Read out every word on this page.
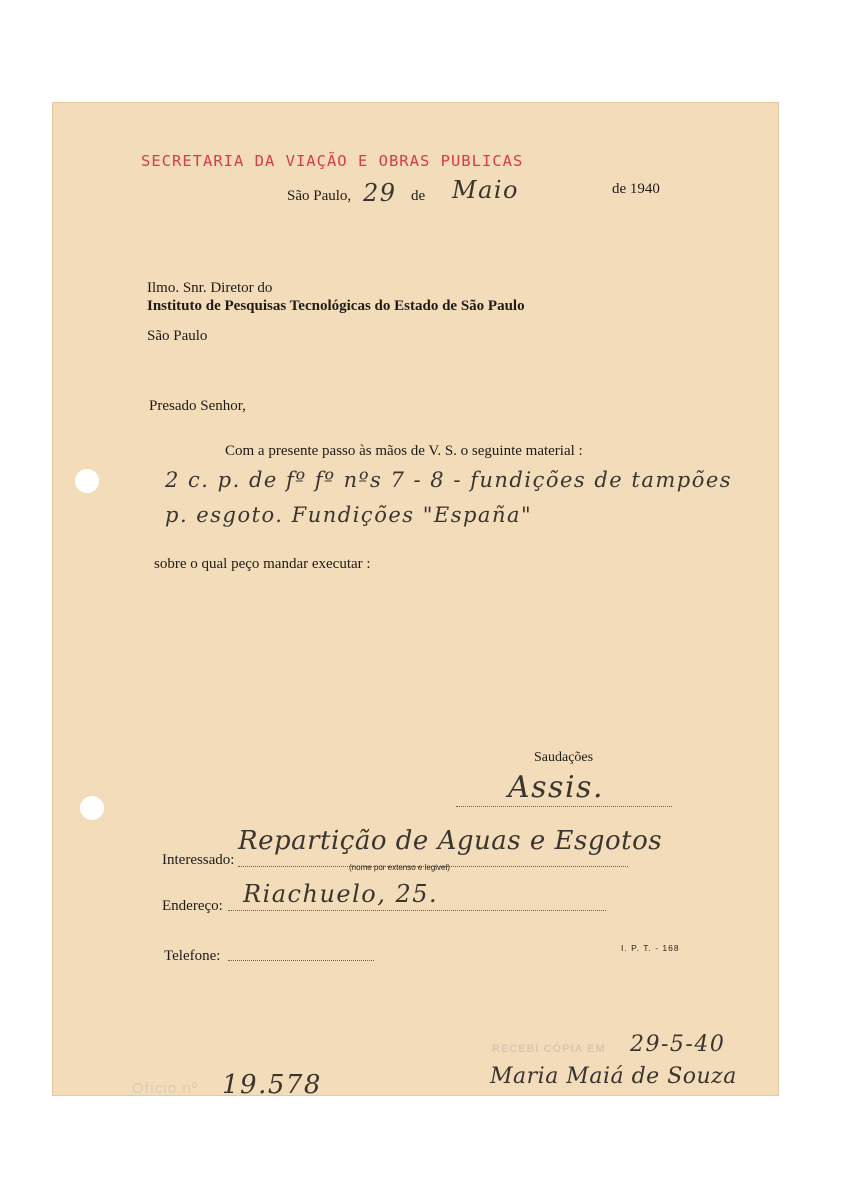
SECRETARIA DA VIAÇÃO E OBRAS PUBLICAS
São Paulo, 29 de Maio	de 1940
Ilmo. Snr. Diretor do
Instituto de Pesquisas Tecnológicas do Estado de São Paulo
São Paulo
Presado Senhor,
Com a presente passo às mãos de V. S. o seguinte material :
2 c. p. de fº fº nºs 7 - 8 - fundições de tampões
p. esgoto. Fundições "España"
sobre o qual peço mandar executar :
Saudações
Assis.
Interessado:
Repartição de Aguas e Esgotos
(nome por extenso e legivel)
Endereço: Riachuelo, 25.
Telefone:	I. P. T. - 168
RECEBI CÓPIA EM 29-5-40
Maria Maiá de Souza
Ofício nº 19.578
